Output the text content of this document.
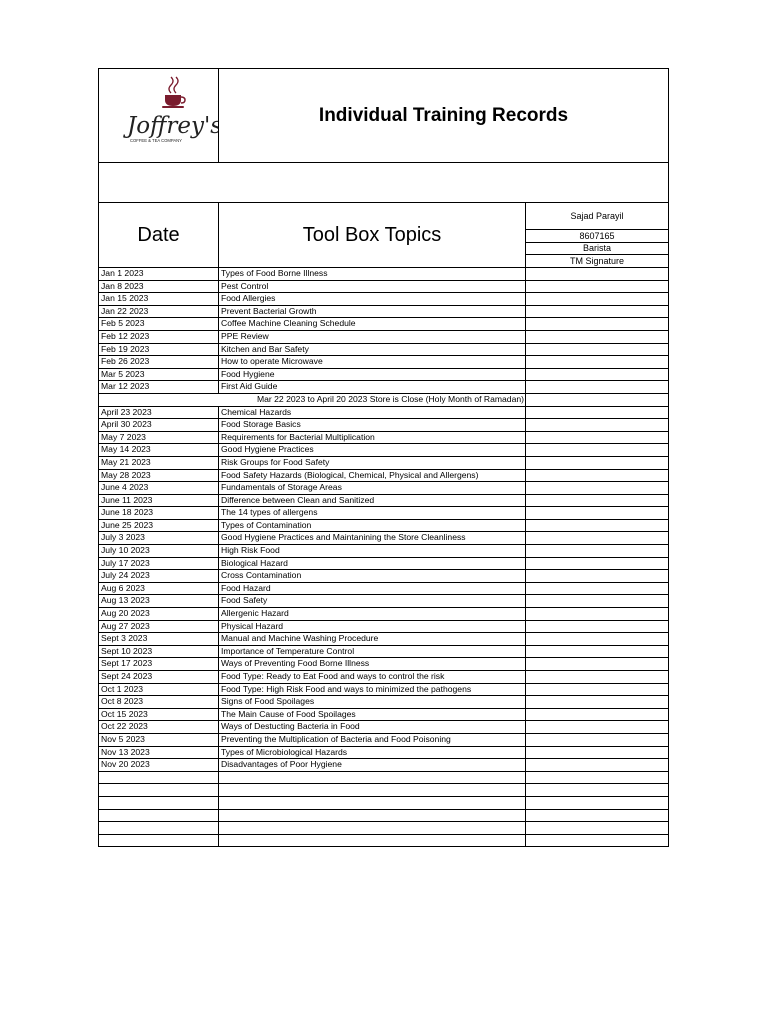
Joffrey's
COFFEE & TEA COMPANY
Individual Training Records
Date	Tool Box Topics
Sajad Parayil
8607165
Barista
TM Signature
Jan 1 2023	Types of Food Borne Illness
Jan 8 2023	Pest Control
Jan 15 2023	Food Allergies
Jan 22 2023	Prevent Bacterial Growth
Feb 5 2023	Coffee Machine Cleaning Schedule
Feb 12 2023	PPE Review
Feb 19 2023	Kitchen and Bar Safety
Feb 26 2023	How to operate Microwave
Mar 5 2023	Food Hygiene
Mar 12 2023	First Aid Guide
Mar 22 2023 to April 20 2023 Store is Close (Holy Month of Ramadan)
April 23 2023	Chemical Hazards
April 30 2023	Food Storage Basics
May 7 2023	Requirements for Bacterial Multiplication
May 14 2023	Good Hygiene Practices
May 21 2023	Risk Groups for Food Safety
May 28 2023	Food Safety Hazards (Biological, Chemical, Physical and Allergens)
June 4 2023	Fundamentals of Storage Areas
June 11 2023	Difference between Clean and Sanitized
June 18 2023	The 14 types of allergens
June 25 2023	Types of Contamination
July 3 2023	Good Hygiene Practices and Maintanining the Store Cleanliness
July 10 2023	High Risk Food
July 17 2023	Biological Hazard
July 24 2023	Cross Contamination
Aug 6 2023	Food Hazard
Aug 13 2023	Food Safety
Aug 20 2023	Allergenic Hazard
Aug 27 2023	Physical Hazard
Sept 3 2023	Manual and Machine Washing Procedure
Sept 10 2023	Importance of Temperature Control
Sept 17 2023	Ways of Preventing Food Borne Illness
Sept 24 2023	Food Type: Ready to Eat Food and ways to control the risk
Oct 1 2023	Food Type: High Risk Food and ways to minimized the pathogens
Oct 8 2023	Signs of Food Spoilages
Oct 15 2023	The Main Cause of Food Spoilages
Oct 22 2023	Ways of Destucting Bacteria in Food
Nov 5 2023	Preventing the Multiplication of Bacteria and Food Poisoning
Nov 13 2023	Types of Microbiological Hazards
Nov 20 2023	Disadvantages of Poor Hygiene
